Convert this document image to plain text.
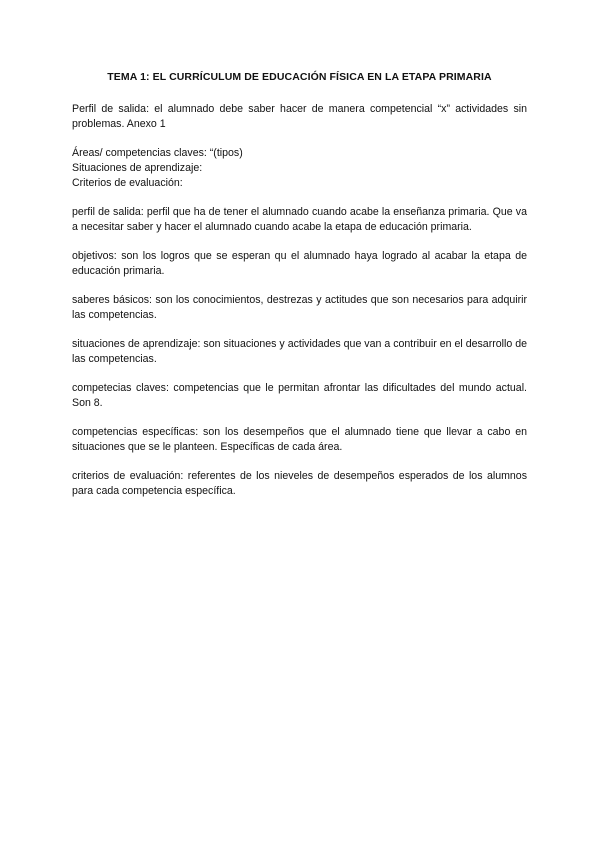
TEMA 1: EL CURRÍCULUM DE EDUCACIÓN FÍSICA EN LA ETAPA PRIMARIA

Perfil de salida: el alumnado debe saber hacer de manera competencial “x” actividades sin problemas. Anexo 1

Áreas/ competencias claves: “(tipos)
Situaciones de aprendizaje:
Criterios de evaluación:

perfil de salida: perfil que ha de tener el alumnado cuando acabe la enseñanza primaria. Que va a necesitar saber y hacer el alumnado cuando acabe la etapa de educación primaria.

objetivos: son los logros que se esperan qu el alumnado haya logrado al acabar la etapa de educación primaria.

saberes básicos: son los conocimientos, destrezas y actitudes que son necesarios para adquirir las competencias.

situaciones de aprendizaje: son situaciones y actividades que van a contribuir en el desarrollo de las competencias.

competecias claves: competencias que le permitan afrontar las dificultades del mundo actual. Son 8.

competencias específicas: son los desempeños que el alumnado tiene que llevar a cabo en situaciones que se le planteen. Específicas de cada área.

criterios de evaluación: referentes de los nieveles de desempeños esperados de los alumnos para cada competencia específica.
